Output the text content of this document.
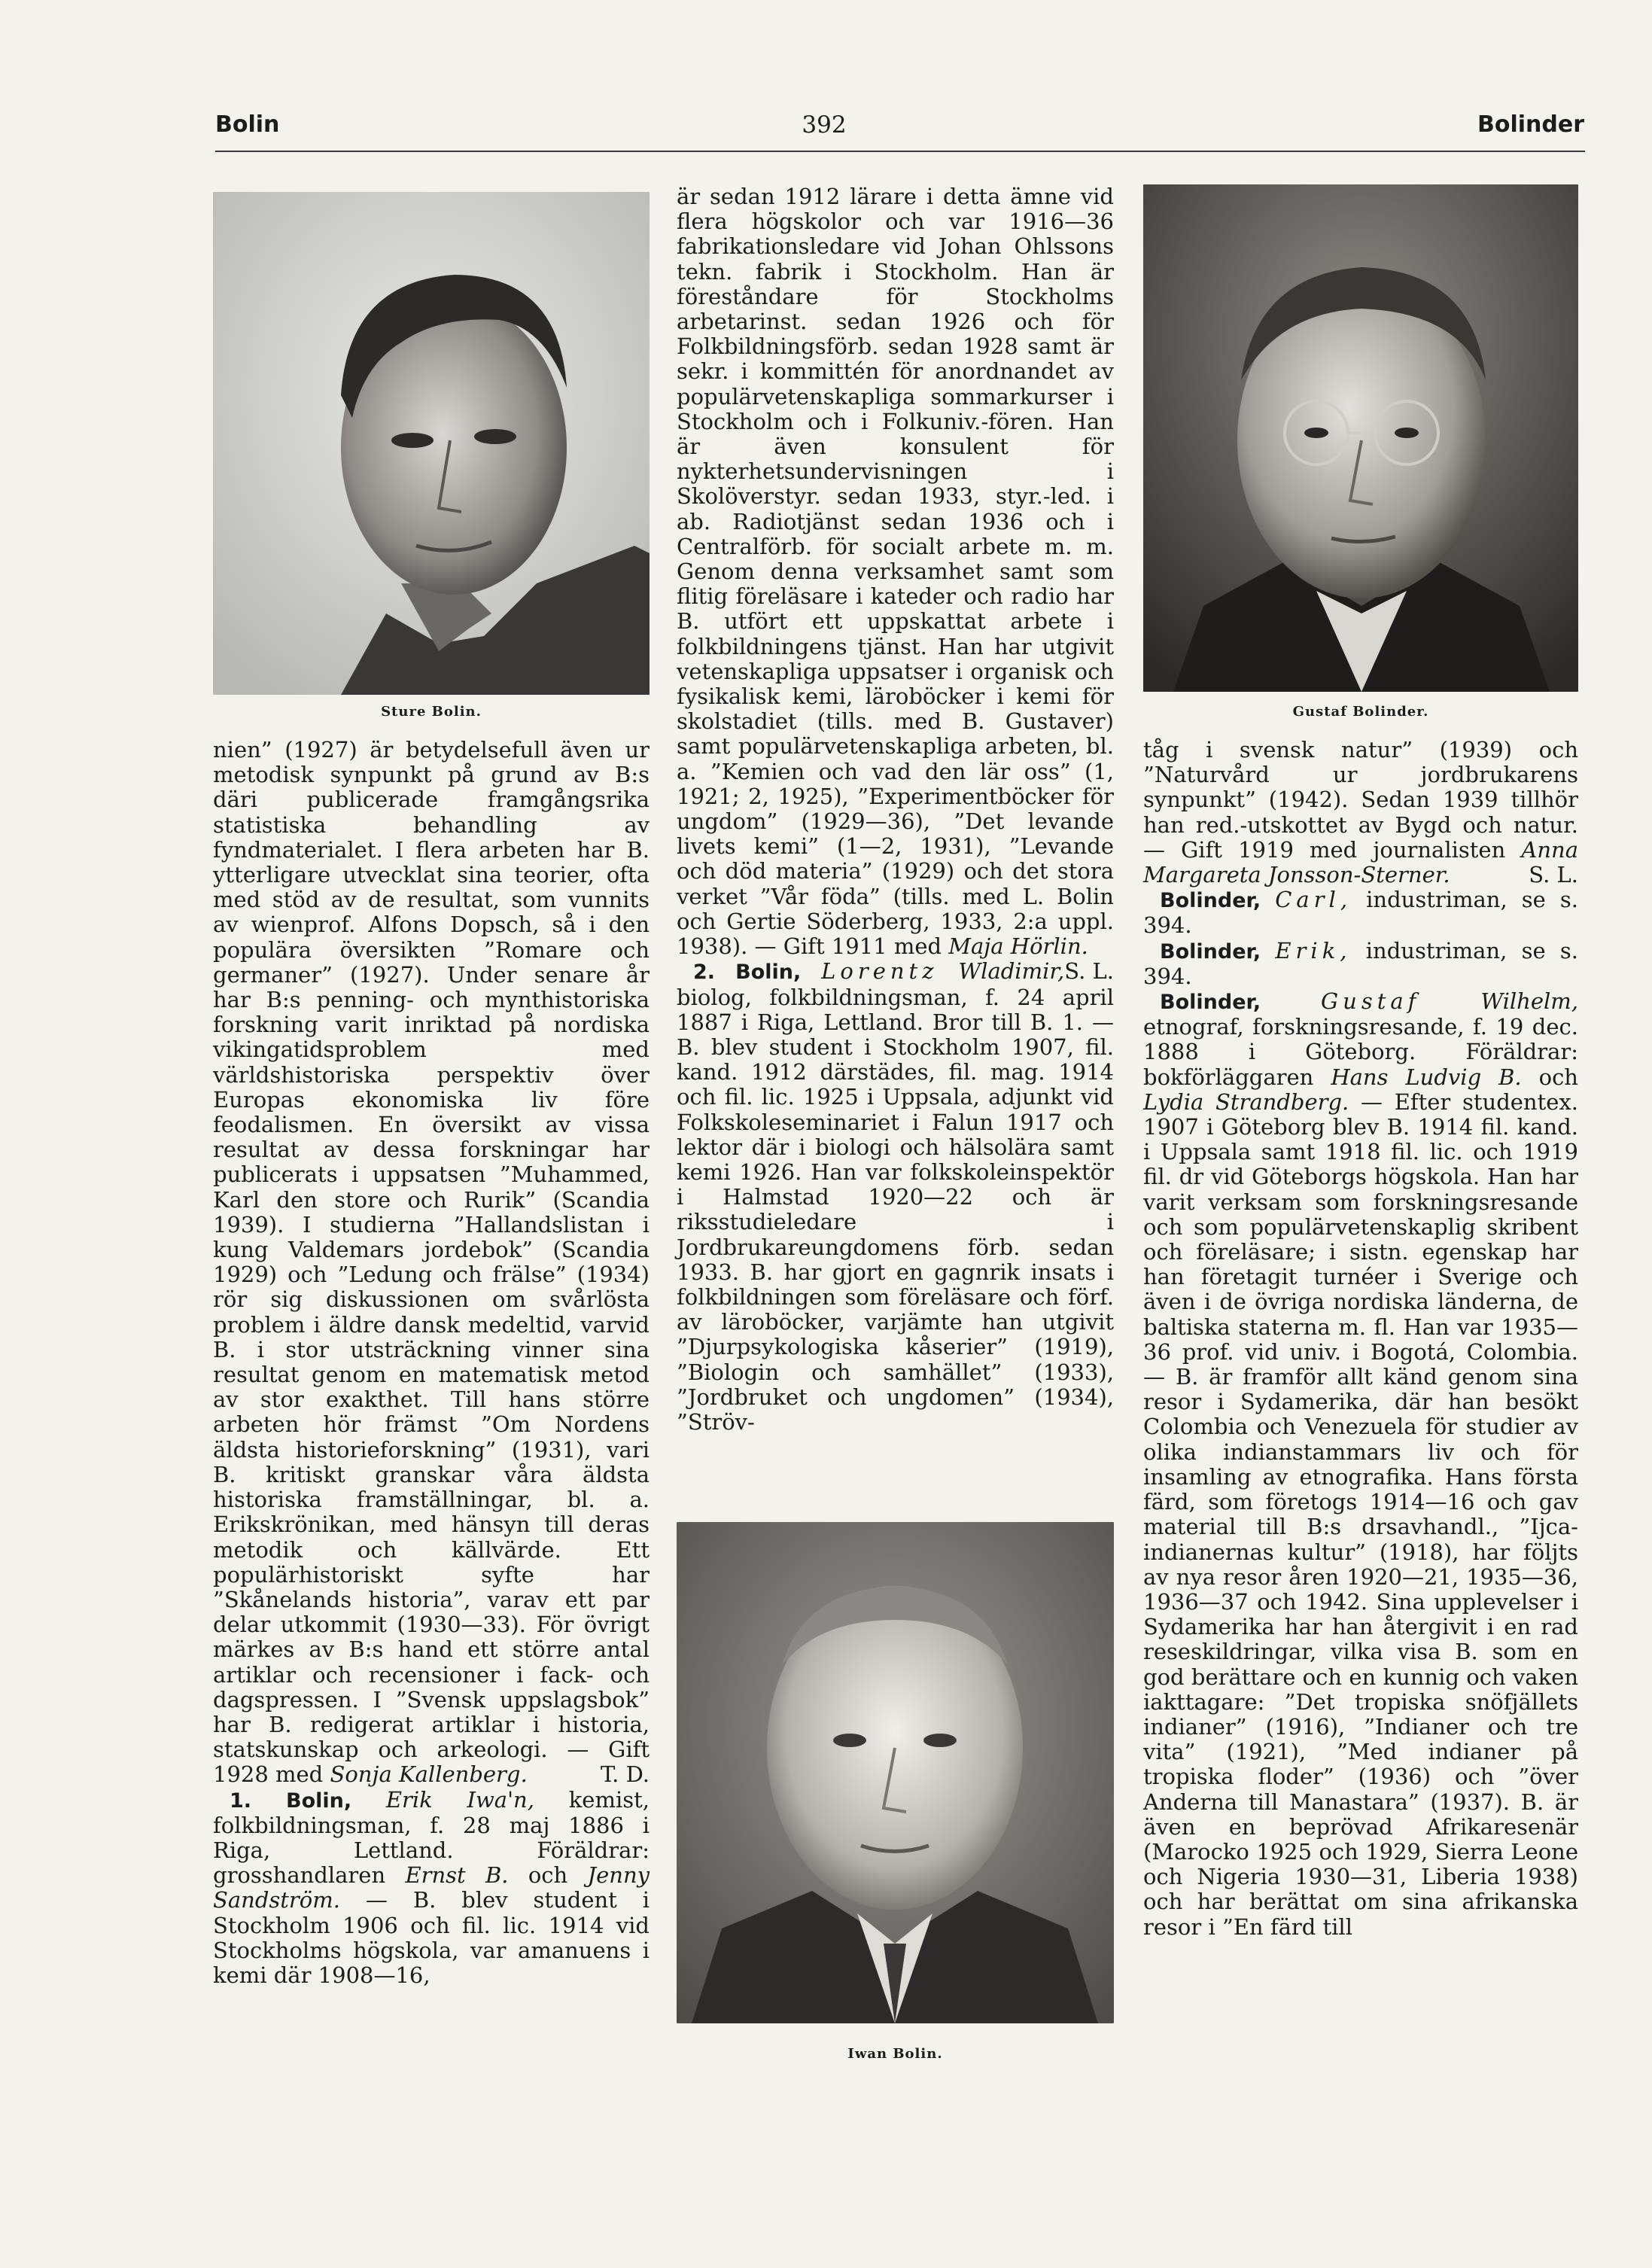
Bolin	392	Bolinder
Sture Bolin.	Gustaf Bolinder.
Iwan Bolin.

nien” (1927) är betydelsefull även ur metodisk synpunkt på grund av B:s däri publicerade framgångsrika statistiska behandling av fyndmaterialet. I flera arbeten har B. ytterligare utvecklat sina teorier, ofta med stöd av de resultat, som vunnits av wienprof. Alfons Dopsch, så i den populära översikten ”Romare och germaner” (1927). Under senare år har B:s penning- och mynthistoriska forskning varit inriktad på nordiska vikingatidsproblem med världshistoriska perspektiv över Europas ekonomiska liv före feodalismen. En översikt av vissa resultat av dessa forskningar har publicerats i uppsatsen ”Muhammed, Karl den store och Rurik” (Scandia 1939). I studierna ”Hallandslistan i kung Valdemars jordebok” (Scandia 1929) och ”Ledung och frälse” (1934) rör sig diskussionen om svårlösta problem i äldre dansk medeltid, varvid B. i stor utsträckning vinner sina resultat genom en matematisk metod av stor exakthet. Till hans större arbeten hör främst ”Om Nordens äldsta historieforskning” (1931), vari B. kritiskt granskar våra äldsta historiska framställningar, bl. a. Erikskrönikan, med hänsyn till deras metodik och källvärde. Ett populärhistoriskt syfte har ”Skånelands historia”, varav ett par delar utkommit (1930—33). För övrigt märkes av B:s hand ett större antal artiklar och recensioner i fack- och dagspressen. I ”Svensk uppslagsbok” har B. redigerat artiklar i historia, statskunskap och arkeologi. — Gift 1928 med Sonja Kallenberg.	T. D.

1. Bolin, Erik Iwa'n, kemist, folkbildningsman, f. 28 maj 1886 i Riga, Lettland. Föräldrar: grosshandlaren Ernst B. och Jenny Sandström. — B. blev student i Stockholm 1906 och fil. lic. 1914 vid Stockholms högskola, var amanuens i kemi där 1908—16,

är sedan 1912 lärare i detta ämne vid flera högskolor och var 1916—36 fabrikationsledare vid Johan Ohlssons tekn. fabrik i Stockholm. Han är föreståndare för Stockholms arbetarinst. sedan 1926 och för Folkbildningsförb. sedan 1928 samt är sekr. i kommittén för anordnandet av populärvetenskapliga sommarkurser i Stockholm och i Folkuniv.-fören. Han är även konsulent för nykterhetsundervisningen i Skolöverstyr. sedan 1933, styr.-led. i ab. Radiotjänst sedan 1936 och i Centralförb. för socialt arbete m. m. Genom denna verksamhet samt som flitig föreläsare i kateder och radio har B. utfört ett uppskattat arbete i folkbildningens tjänst. Han har utgivit vetenskapliga uppsatser i organisk och fysikalisk kemi, läroböcker i kemi för skolstadiet (tills. med B. Gustaver) samt populärvetenskapliga arbeten, bl. a. ”Kemien och vad den lär oss” (1, 1921; 2, 1925), ”Experimentböcker för ungdom” (1929—36), ”Det levande livets kemi” (1—2, 1931), ”Levande och död materia” (1929) och det stora verket ”Vår föda” (tills. med L. Bolin och Gertie Söderberg, 1933, 2:a uppl. 1938). — Gift 1911 med Maja Hörlin.
S. L.

2. Bolin, Lorentz Wladimir, biolog, folkbildningsman, f. 24 april 1887 i Riga, Lettland. Bror till B. 1. — B. blev student i Stockholm 1907, fil. kand. 1912 därstädes, fil. mag. 1914 och fil. lic. 1925 i Uppsala, adjunkt vid Folkskoleseminariet i Falun 1917 och lektor där i biologi och hälsolära samt kemi 1926. Han var folkskoleinspektör i Halmstad 1920—22 och är riksstudieledare i Jordbrukareungdomens förb. sedan 1933. B. har gjort en gagnrik insats i folkbildningen som föreläsare och förf. av läroböcker, varjämte han utgivit ”Djurpsykologiska kåserier” (1919), ”Biologin och samhället” (1933), ”Jordbruket och ungdomen” (1934), ”Ströv-

tåg i svensk natur” (1939) och ”Naturvård ur jordbrukarens synpunkt” (1942). Sedan 1939 tillhör han red.-utskottet av Bygd och natur. — Gift 1919 med journalisten Anna Margareta Jonsson-Sterner.	S. L.

Bolinder, Carl, industriman, se s. 394.

Bolinder, Erik, industriman, se s. 394.

Bolinder,	Gustaf	Wilhelm, etnograf, forskningsresande, f. 19 dec. 1888 i Göteborg. Föräldrar: bokförläggaren Hans Ludvig B. och Lydia Strandberg. — Efter studentex. 1907 i Göteborg blev B. 1914 fil. kand. i Uppsala samt 1918 fil. lic. och 1919 fil. dr vid Göteborgs högskola. Han har varit verksam som forskningsresande och som populärvetenskaplig skribent och föreläsare; i sistn. egenskap har han företagit turnéer i Sverige och även i de övriga nordiska länderna, de baltiska staterna m. fl. Han var 1935—36 prof. vid univ. i Bogotá, Colombia. — B. är framför allt känd genom sina resor i Sydamerika, där han besökt Colombia och Venezuela för studier av olika indianstammars liv och för insamling av etnografika. Hans första färd, som företogs 1914—16 och gav material till B:s drsavhandl., ”Ijca-indianernas kultur” (1918), har följts av nya resor åren 1920—21, 1935—36, 1936—37 och 1942. Sina upplevelser i Sydamerika har han återgivit i en rad reseskildringar, vilka visa B. som en god berättare och en kunnig och vaken iakttagare: ”Det tropiska snöfjällets indianer” (1916), ”Indianer och tre vita” (1921), ”Med indianer på tropiska floder” (1936) och ”över Anderna till Manastara” (1937). B. är även en beprövad Afrikaresenär (Marocko 1925 och 1929, Sierra Leone och Nigeria 1930—31, Liberia 1938) och har berättat om sina afrikanska resor i ”En färd till
